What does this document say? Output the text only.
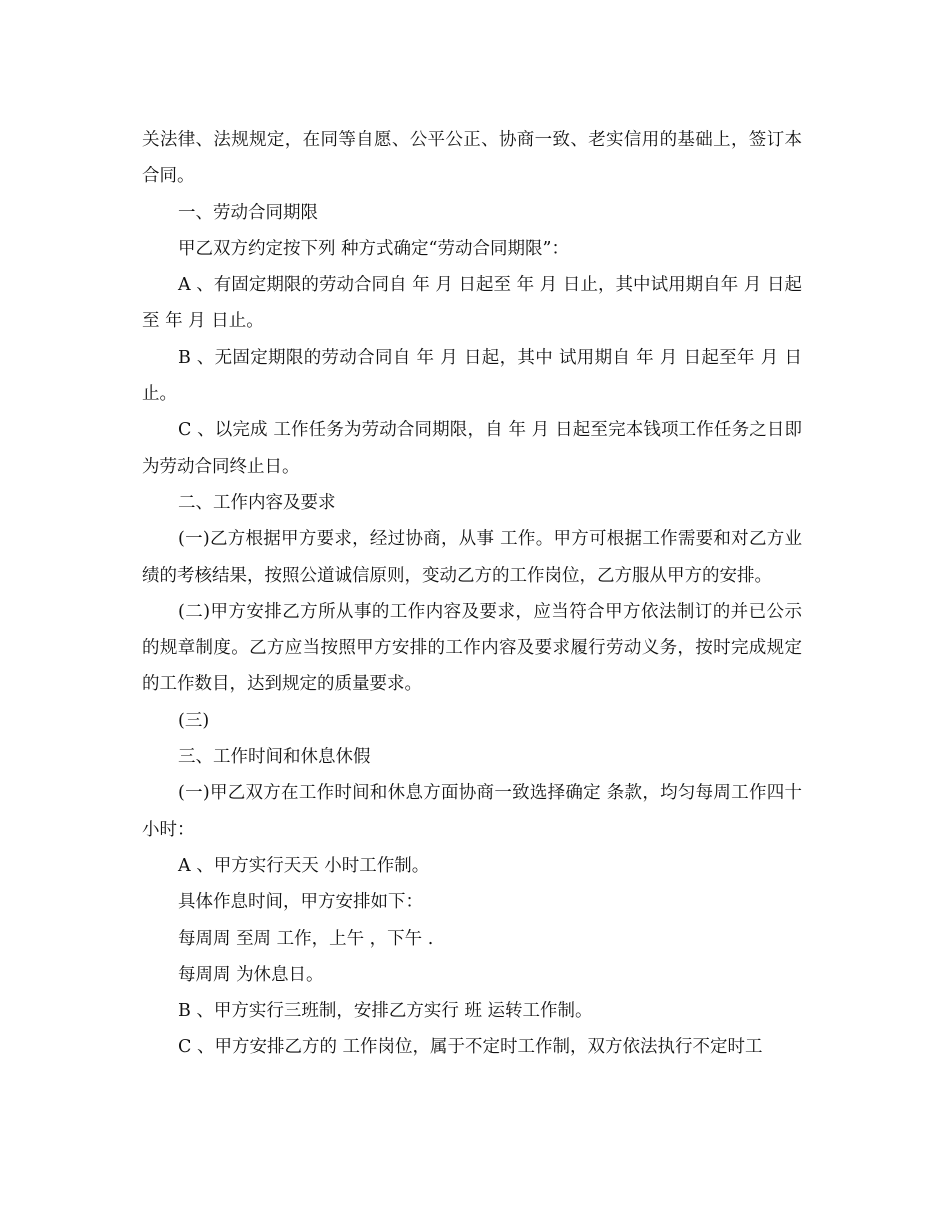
关法律、法规规定，在同等自愿、公平公正、协商一致、老实信用的基础上，签订本合同。

一、劳动合同期限

甲乙双方约定按下列 种方式确定“劳动合同期限”：

A 、有固定期限的劳动合同自 年 月 日起至 年 月 日止，其中试用期自年 月 日起至 年 月 日止。

B 、无固定期限的劳动合同自 年 月 日起，其中 试用期自 年 月 日起至年 月 日止。

C 、以完成 工作任务为劳动合同期限，自 年 月 日起至完本钱项工作任务之日即为劳动合同终止日。

二、工作内容及要求

(一)乙方根据甲方要求，经过协商，从事 工作。甲方可根据工作需要和对乙方业绩的考核结果，按照公道诚信原则，变动乙方的工作岗位，乙方服从甲方的安排。

(二)甲方安排乙方所从事的工作内容及要求，应当符合甲方依法制订的并已公示的规章制度。乙方应当按照甲方安排的工作内容及要求履行劳动义务，按时完成规定的工作数目，达到规定的质量要求。

(三)

三、工作时间和休息休假

(一)甲乙双方在工作时间和休息方面协商一致选择确定 条款，均匀每周工作四十小时：

A 、甲方实行天天 小时工作制。

具体作息时间，甲方安排如下：

每周周 至周 工作，上午 ，下午 .

每周周 为休息日。

B 、甲方实行三班制，安排乙方实行 班 运转工作制。

C 、甲方安排乙方的 工作岗位，属于不定时工作制，双方依法执行不定时工
